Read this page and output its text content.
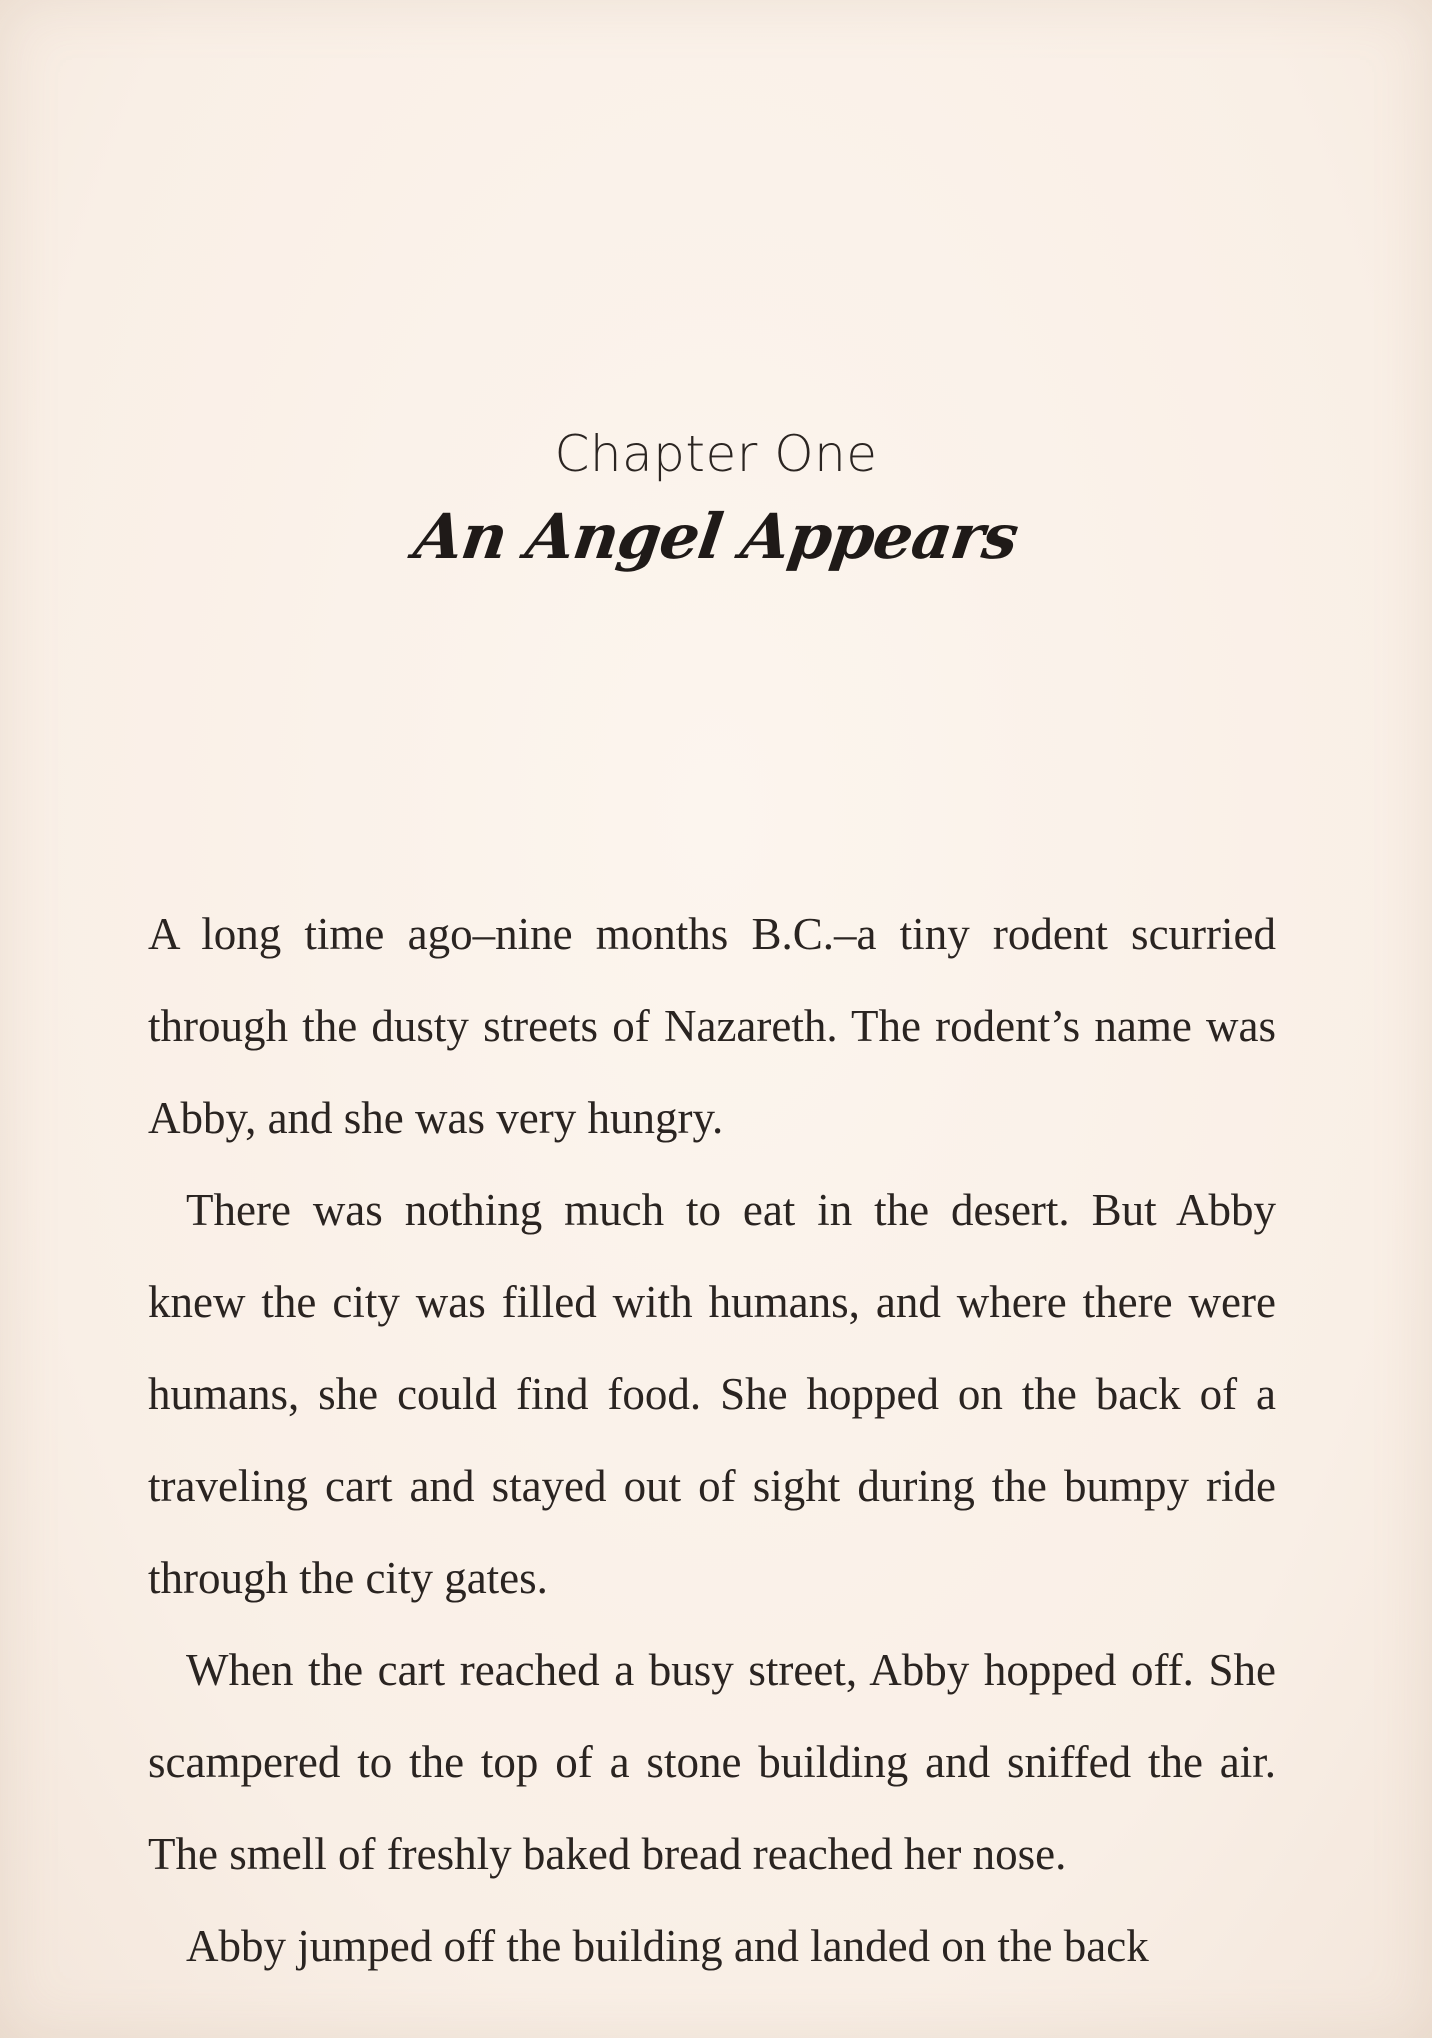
Chapter One
An Angel Appears

A long time ago–nine months B.C.–a tiny rodent scurried through the dusty streets of Nazareth. The rodent’s name was Abby, and she was very hungry.

There was nothing much to eat in the desert. But Abby knew the city was filled with humans, and where there were humans, she could find food. She hopped on the back of a traveling cart and stayed out of sight during the bumpy ride through the city gates.

When the cart reached a busy street, Abby hopped off. She scampered to the top of a stone building and sniffed the air. The smell of freshly baked bread reached her nose.

Abby jumped off the building and landed on the back
